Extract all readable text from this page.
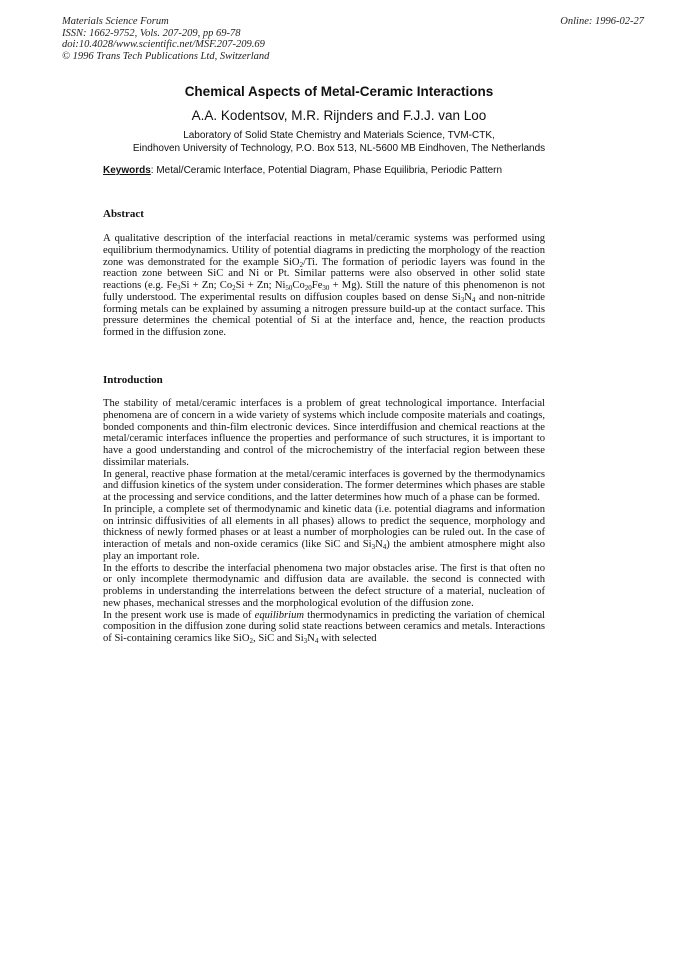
Materials Science Forum
ISSN: 1662-9752, Vols. 207-209, pp 69-78
doi:10.4028/www.scientific.net/MSF.207-209.69
© 1996 Trans Tech Publications Ltd, Switzerland
Online: 1996-02-27
Chemical Aspects of Metal-Ceramic Interactions
A.A. Kodentsov, M.R. Rijnders and F.J.J. van Loo
Laboratory of Solid State Chemistry and Materials Science, TVM-CTK,
Eindhoven University of Technology, P.O. Box 513, NL-5600 MB Eindhoven, The Netherlands
Keywords: Metal/Ceramic Interface, Potential Diagram, Phase Equilibria, Periodic Pattern
Abstract
A qualitative description of the interfacial reactions in metal/ceramic systems was performed using equilibrium thermodynamics. Utility of potential diagrams in predicting the morphology of the reaction zone was demonstrated for the example SiO$_2$/Ti. The formation of periodic layers was found in the reaction zone between SiC and Ni or Pt. Similar patterns were also observed in other solid state reactions (e.g. $Fe_3Si + Zn$; $Co_2Si + Zn$; $Ni_{50}Co_{20}Fe_{30} + Mg$). Still the nature of this phenomenon is not fully understood. The experimental results on diffusion couples based on dense $Si_3N_4$ and non-nitride forming metals can be explained by assuming a nitrogen pressure build-up at the contact surface. This pressure determines the chemical potential of Si at the interface and, hence, the reaction products formed in the diffusion zone.
Introduction

The stability of metal/ceramic interfaces is a problem of great technological importance. Interfacial phenomena are of concern in a wide variety of systems which include composite materials and coatings, bonded components and thin-film electronic devices. Since interdiffusion and chemical reactions at the metal/ceramic interfaces influence the properties and performance of such structures, it is important to have a good understanding and control of the microchemistry of the interfacial region between these dissimilar materials.

In general, reactive phase formation at the metal/ceramic interfaces is governed by the thermodynamics and diffusion kinetics of the system under consideration. The former determines which phases are stable at the processing and service conditions, and the latter determines how much of a phase can be formed.

In principle, a complete set of thermodynamic and kinetic data (i.e. potential diagrams and information on intrinsic diffusivities of all elements in all phases) allows to predict the sequence, morphology and thickness of newly formed phases or at least a number of morphologies can be ruled out. In the case of interaction of metals and non-oxide ceramics (like SiC and $Si_3N_4$) the ambient atmosphere might also play an important role.

In the efforts to describe the interfacial phenomena two major obstacles arise. The first is that often no or only incomplete thermodynamic and diffusion data are available. the second is connected with problems in understanding the interrelations between the defect structure of a material, nucleation of new phases, mechanical stresses and the morphological evolution of the diffusion zone.

In the present work use is made of equilibrium thermodynamics in predicting the variation of chemical composition in the diffusion zone during solid state reactions between ceramics and metals. Interactions of Si-containing ceramics like SiO$_2$, SiC and $Si_3N_4$ with selected
